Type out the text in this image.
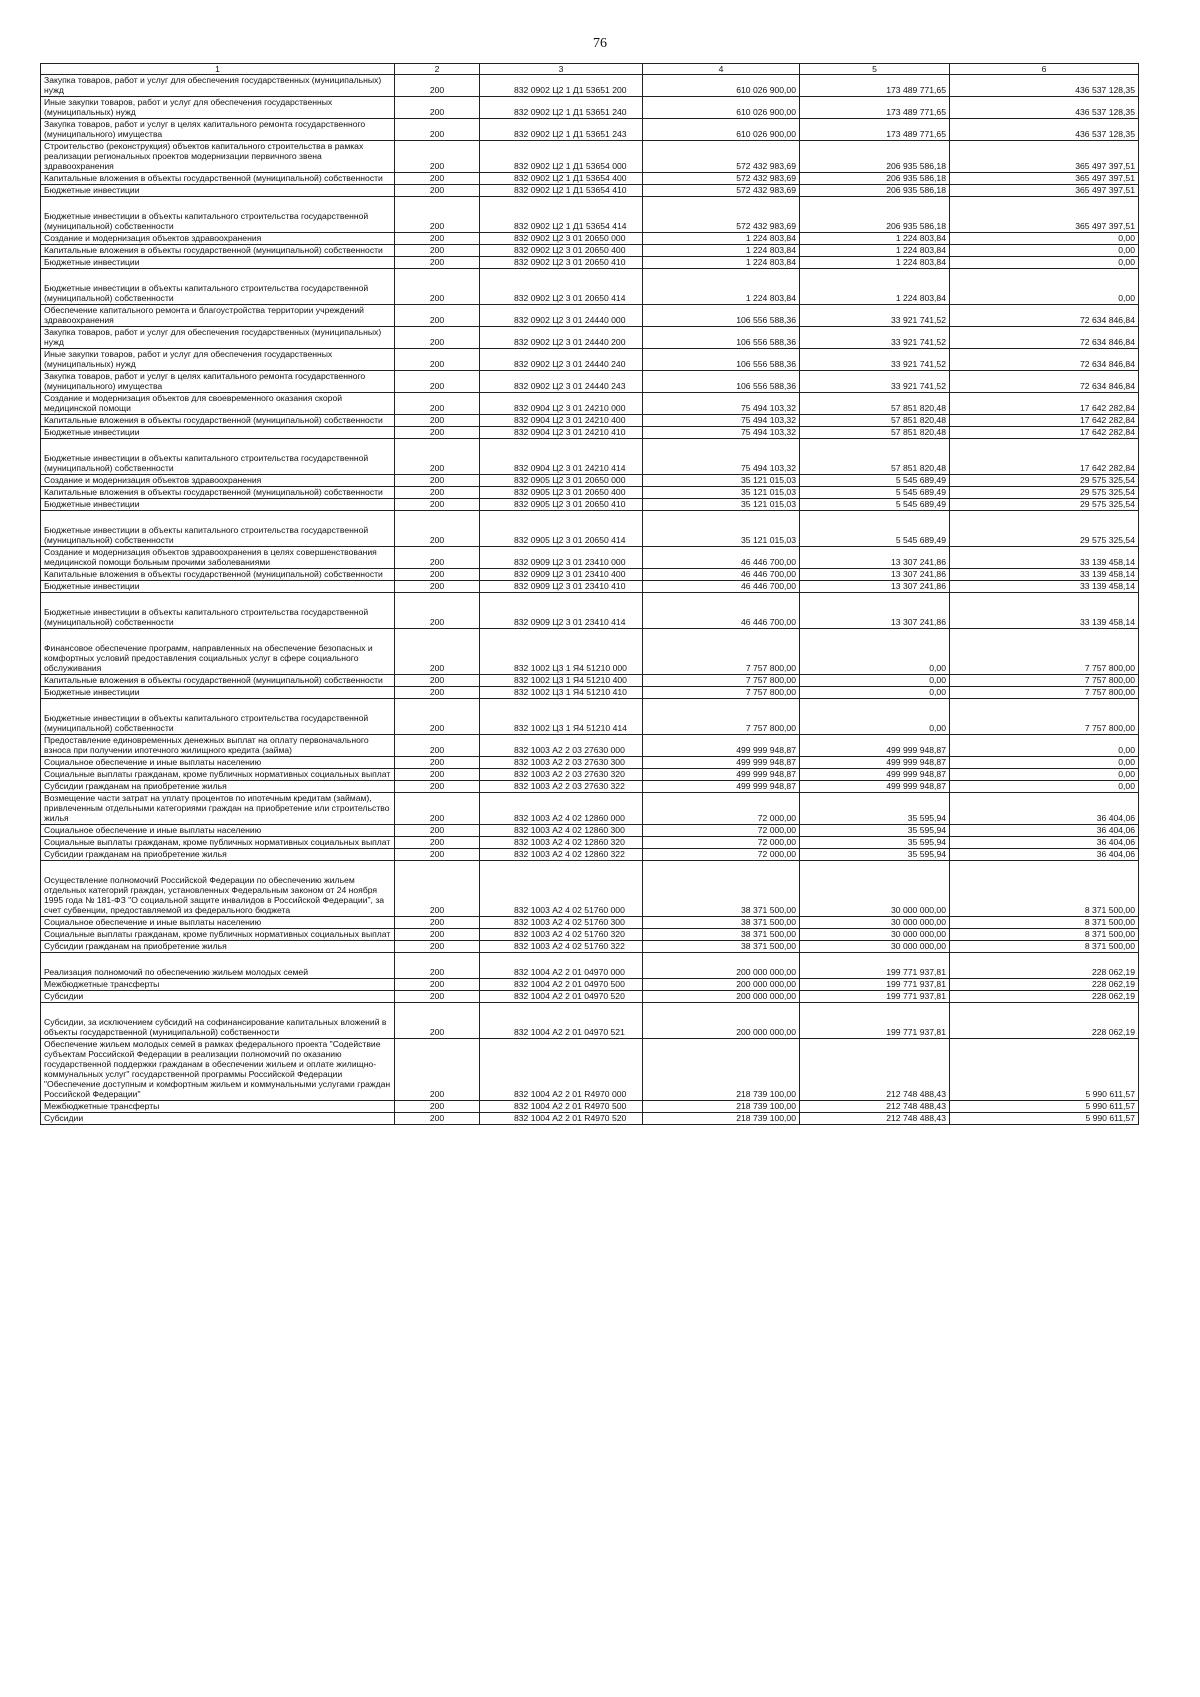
76
1	2	3	4	5	6
Закупка товаров, работ и услуг для обеспечения государственных (муниципальных) нужд	200	832 0902 Ц2 1 Д1 53651 200	610 026 900,00	173 489 771,65	436 537 128,35
Иные закупки товаров, работ и услуг для обеспечения государственных (муниципальных) нужд	200	832 0902 Ц2 1 Д1 53651 240	610 026 900,00	173 489 771,65	436 537 128,35
Закупка товаров, работ и услуг в целях капитального ремонта государственного (муниципального) имущества	200	832 0902 Ц2 1 Д1 53651 243	610 026 900,00	173 489 771,65	436 537 128,35
Строительство (реконструкция) объектов капитального строительства в рамках реализации региональных проектов модернизации первичного звена здравоохранения	200	832 0902 Ц2 1 Д1 53654 000	572 432 983,69	206 935 586,18	365 497 397,51
Капитальные вложения в объекты государственной (муниципальной) собственности	200	832 0902 Ц2 1 Д1 53654 400	572 432 983,69	206 935 586,18	365 497 397,51
Бюджетные инвестиции	200	832 0902 Ц2 1 Д1 53654 410	572 432 983,69	206 935 586,18	365 497 397,51
Бюджетные инвестиции в объекты капитального строительства государственной (муниципальной) собственности	200	832 0902 Ц2 1 Д1 53654 414	572 432 983,69	206 935 586,18	365 497 397,51
Создание и модернизация объектов здравоохранения	200	832 0902 Ц2 3 01 20650 000	1 224 803,84	1 224 803,84	0,00
Капитальные вложения в объекты государственной (муниципальной) собственности	200	832 0902 Ц2 3 01 20650 400	1 224 803,84	1 224 803,84	0,00
Бюджетные инвестиции	200	832 0902 Ц2 3 01 20650 410	1 224 803,84	1 224 803,84	0,00
Бюджетные инвестиции в объекты капитального строительства государственной (муниципальной) собственности	200	832 0902 Ц2 3 01 20650 414	1 224 803,84	1 224 803,84	0,00
Обеспечение капитального ремонта и благоустройства территории учреждений здравоохранения	200	832 0902 Ц2 3 01 24440 000	106 556 588,36	33 921 741,52	72 634 846,84
Закупка товаров, работ и услуг для обеспечения государственных (муниципальных) нужд	200	832 0902 Ц2 3 01 24440 200	106 556 588,36	33 921 741,52	72 634 846,84
Иные закупки товаров, работ и услуг для обеспечения государственных (муниципальных) нужд	200	832 0902 Ц2 3 01 24440 240	106 556 588,36	33 921 741,52	72 634 846,84
Закупка товаров, работ и услуг в целях капитального ремонта государственного (муниципального) имущества	200	832 0902 Ц2 3 01 24440 243	106 556 588,36	33 921 741,52	72 634 846,84
Создание и модернизация объектов для своевременного оказания скорой медицинской помощи	200	832 0904 Ц2 3 01 24210 000	75 494 103,32	57 851 820,48	17 642 282,84
Капитальные вложения в объекты государственной (муниципальной) собственности	200	832 0904 Ц2 3 01 24210 400	75 494 103,32	57 851 820,48	17 642 282,84
Бюджетные инвестиции	200	832 0904 Ц2 3 01 24210 410	75 494 103,32	57 851 820,48	17 642 282,84
Бюджетные инвестиции в объекты капитального строительства государственной (муниципальной) собственности	200	832 0904 Ц2 3 01 24210 414	75 494 103,32	57 851 820,48	17 642 282,84
Создание и модернизация объектов здравоохранения	200	832 0905 Ц2 3 01 20650 000	35 121 015,03	5 545 689,49	29 575 325,54
Капитальные вложения в объекты государственной (муниципальной) собственности	200	832 0905 Ц2 3 01 20650 400	35 121 015,03	5 545 689,49	29 575 325,54
Бюджетные инвестиции	200	832 0905 Ц2 3 01 20650 410	35 121 015,03	5 545 689,49	29 575 325,54
Бюджетные инвестиции в объекты капитального строительства государственной (муниципальной) собственности	200	832 0905 Ц2 3 01 20650 414	35 121 015,03	5 545 689,49	29 575 325,54
Создание и модернизация объектов здравоохранения в целях совершенствования медицинской помощи больным прочими заболеваниями	200	832 0909 Ц2 3 01 23410 000	46 446 700,00	13 307 241,86	33 139 458,14
Капитальные вложения в объекты государственной (муниципальной) собственности	200	832 0909 Ц2 3 01 23410 400	46 446 700,00	13 307 241,86	33 139 458,14
Бюджетные инвестиции	200	832 0909 Ц2 3 01 23410 410	46 446 700,00	13 307 241,86	33 139 458,14
Бюджетные инвестиции в объекты капитального строительства государственной (муниципальной) собственности	200	832 0909 Ц2 3 01 23410 414	46 446 700,00	13 307 241,86	33 139 458,14
Финансовое обеспечение программ, направленных на обеспечение безопасных и комфортных условий предоставления социальных услуг в сфере социального обслуживания	200	832 1002 Ц3 1 Я4 51210 000	7 757 800,00	0,00	7 757 800,00
Капитальные вложения в объекты государственной (муниципальной) собственности	200	832 1002 Ц3 1 Я4 51210 400	7 757 800,00	0,00	7 757 800,00
Бюджетные инвестиции	200	832 1002 Ц3 1 Я4 51210 410	7 757 800,00	0,00	7 757 800,00
Бюджетные инвестиции в объекты капитального строительства государственной (муниципальной) собственности	200	832 1002 Ц3 1 Я4 51210 414	7 757 800,00	0,00	7 757 800,00
Предоставление единовременных денежных выплат на оплату первоначального взноса при получении ипотечного жилищного кредита (займа)	200	832 1003 А2 2 03 27630 000	499 999 948,87	499 999 948,87	0,00
Социальное обеспечение и иные выплаты населению	200	832 1003 А2 2 03 27630 300	499 999 948,87	499 999 948,87	0,00
Социальные выплаты гражданам, кроме публичных нормативных социальных выплат	200	832 1003 А2 2 03 27630 320	499 999 948,87	499 999 948,87	0,00
Субсидии гражданам на приобретение жилья	200	832 1003 А2 2 03 27630 322	499 999 948,87	499 999 948,87	0,00
Возмещение части затрат на уплату процентов по ипотечным кредитам (займам), привлеченным отдельными категориями граждан на приобретение или строительство жилья	200	832 1003 А2 4 02 12860 000	72 000,00	35 595,94	36 404,06
Социальное обеспечение и иные выплаты населению	200	832 1003 А2 4 02 12860 300	72 000,00	35 595,94	36 404,06
Социальные выплаты гражданам, кроме публичных нормативных социальных выплат	200	832 1003 А2 4 02 12860 320	72 000,00	35 595,94	36 404,06
Субсидии гражданам на приобретение жилья	200	832 1003 А2 4 02 12860 322	72 000,00	35 595,94	36 404,06
Осуществление полномочий Российской Федерации по обеспечению жильем отдельных категорий граждан, установленных Федеральным законом от 24 ноября 1995 года № 181-ФЗ "О социальной защите инвалидов в Российской Федерации", за счет субвенции, предоставляемой из федерального бюджета	200	832 1003 А2 4 02 51760 000	38 371 500,00	30 000 000,00	8 371 500,00
Социальное обеспечение и иные выплаты населению	200	832 1003 А2 4 02 51760 300	38 371 500,00	30 000 000,00	8 371 500,00
Социальные выплаты гражданам, кроме публичных нормативных социальных выплат	200	832 1003 А2 4 02 51760 320	38 371 500,00	30 000 000,00	8 371 500,00
Субсидии гражданам на приобретение жилья	200	832 1003 А2 4 02 51760 322	38 371 500,00	30 000 000,00	8 371 500,00
Реализация полномочий по обеспечению жильем молодых семей	200	832 1004 А2 2 01 04970 000	200 000 000,00	199 771 937,81	228 062,19
Межбюджетные трансферты	200	832 1004 А2 2 01 04970 500	200 000 000,00	199 771 937,81	228 062,19
Субсидии	200	832 1004 А2 2 01 04970 520	200 000 000,00	199 771 937,81	228 062,19
Субсидии, за исключением субсидий на софинансирование капитальных вложений в объекты государственной (муниципальной) собственности	200	832 1004 А2 2 01 04970 521	200 000 000,00	199 771 937,81	228 062,19
Обеспечение жильем молодых семей в рамках федерального проекта "Содействие субъектам Российской Федерации в реализации полномочий по оказанию государственной поддержки гражданам в обеспечении жильем и оплате жилищно-коммунальных услуг" государственной программы Российской Федерации "Обеспечение доступным и комфортным жильем и коммунальными услугами граждан Российской Федерации"	200	832 1004 А2 2 01 R4970 000	218 739 100,00	212 748 488,43	5 990 611,57
Межбюджетные трансферты	200	832 1004 А2 2 01 R4970 500	218 739 100,00	212 748 488,43	5 990 611,57
Субсидии	200	832 1004 А2 2 01 R4970 520	218 739 100,00	212 748 488,43	5 990 611,57
